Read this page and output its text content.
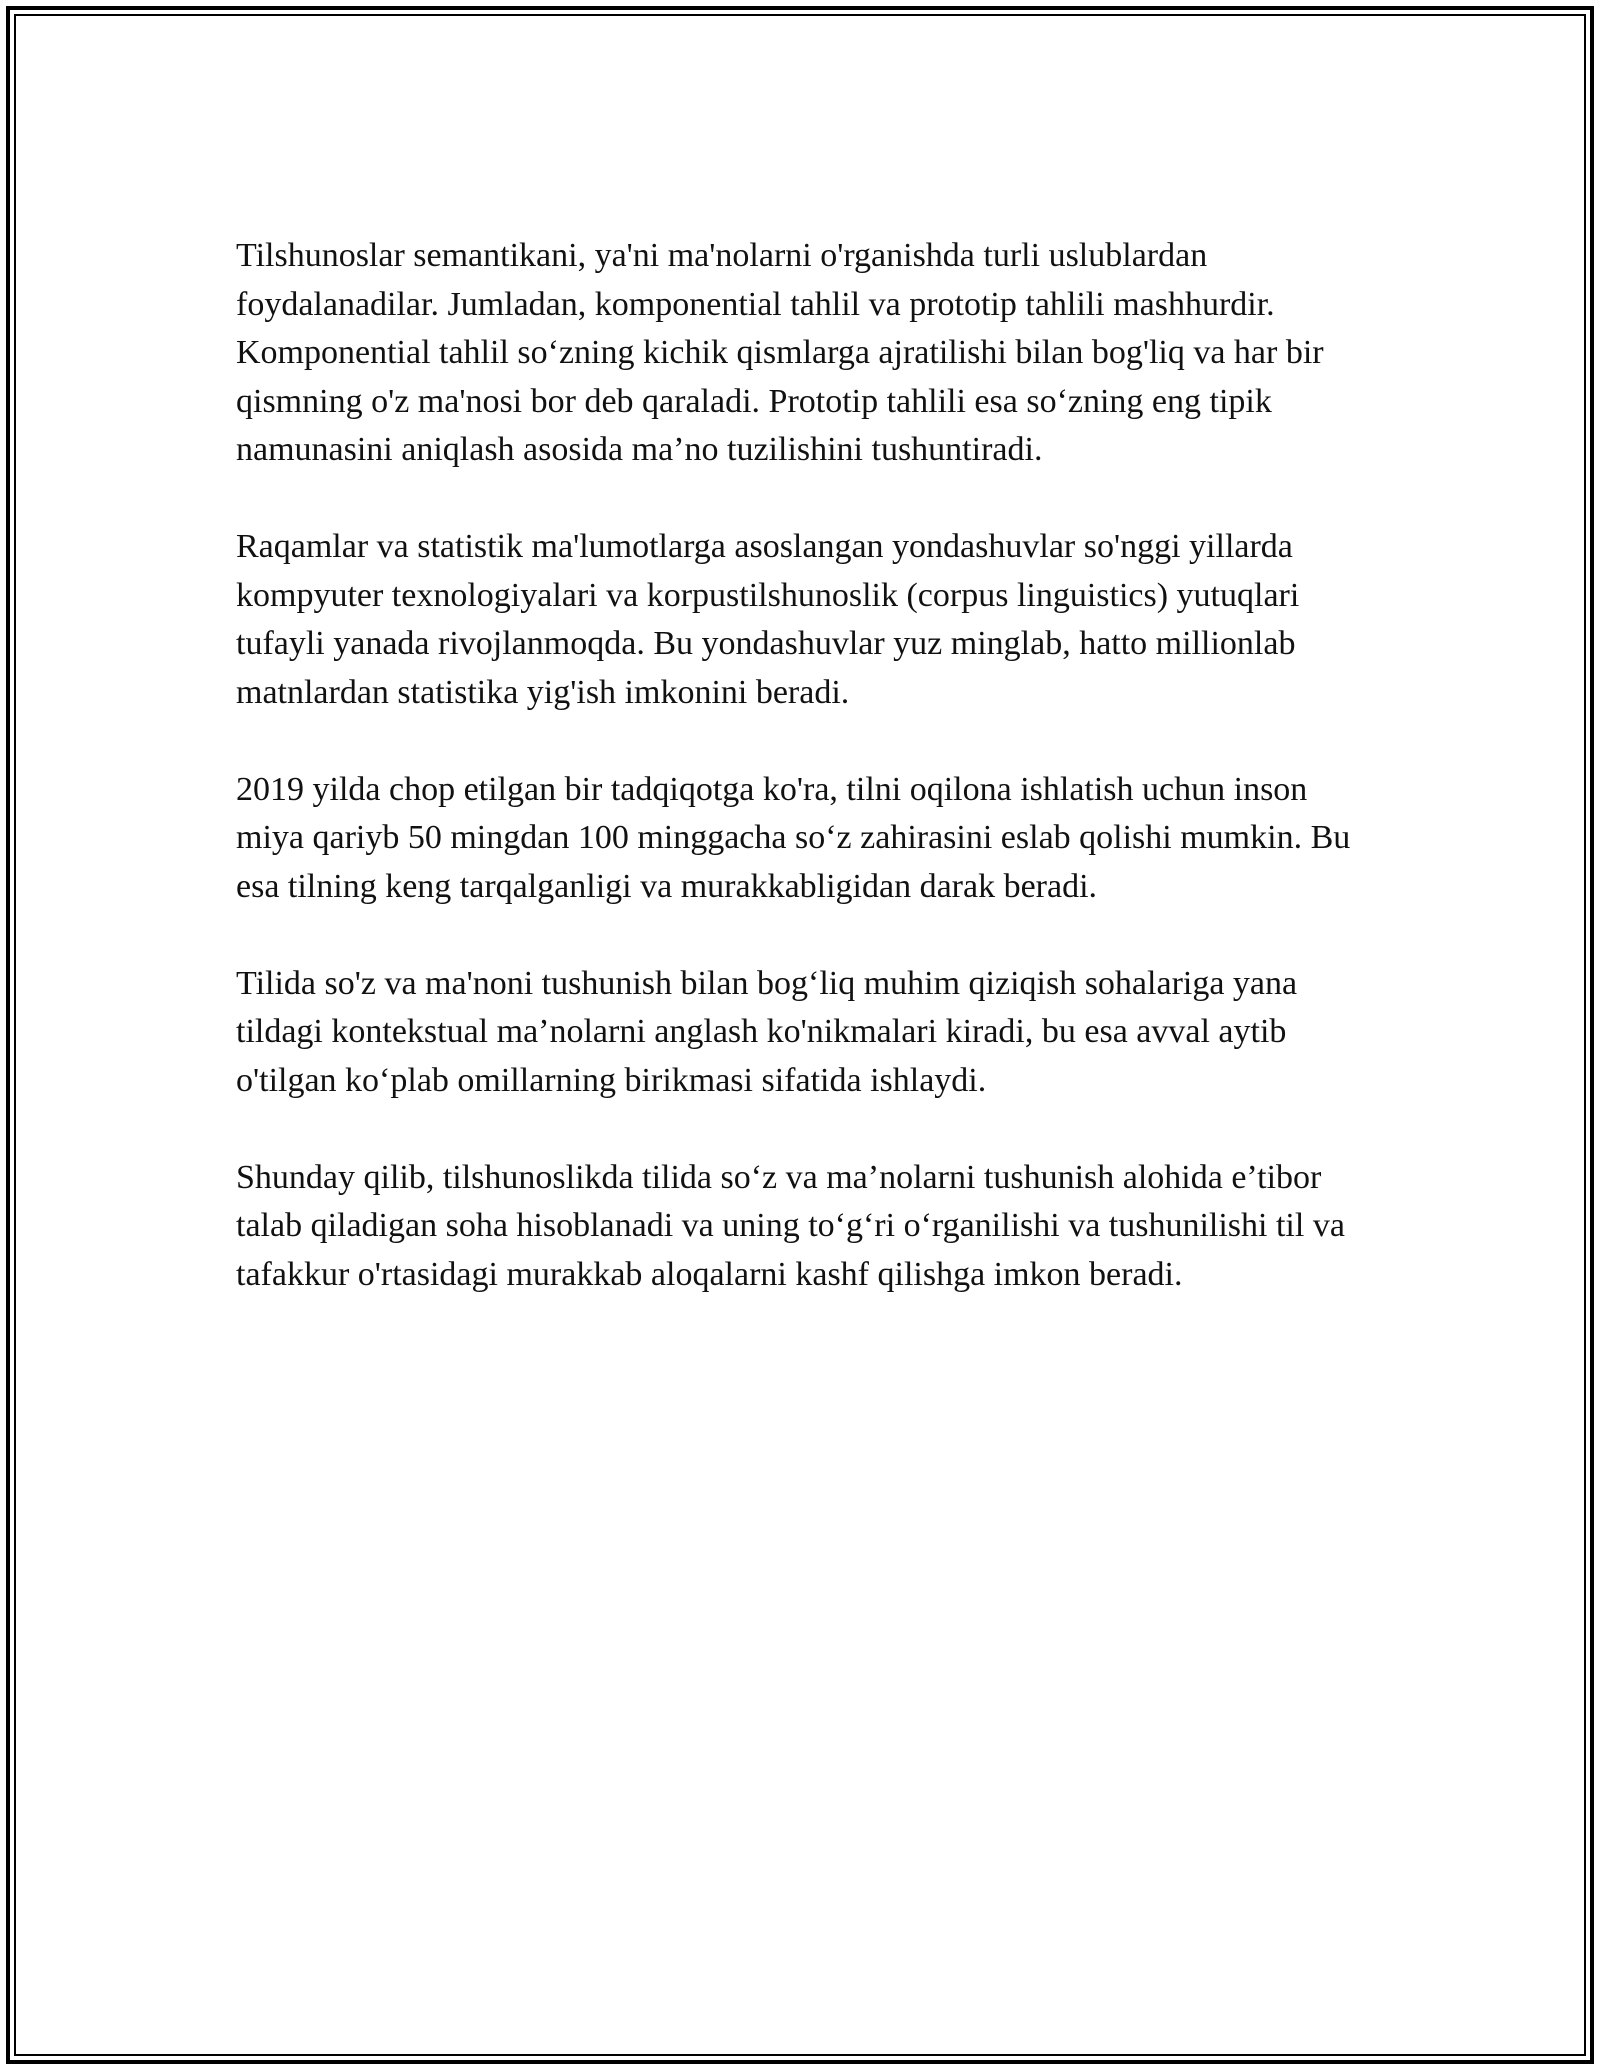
Tilshunoslar semantikani, ya'ni ma'nolarni o'rganishda turli uslublardan foydalanadilar. Jumladan, komponential tahlil va prototip tahlili mashhurdir. Komponential tahlil so‘zning kichik qismlarga ajratilishi bilan bog'liq va har bir qismning o'z ma'nosi bor deb qaraladi. Prototip tahlili esa so‘zning eng tipik namunasini aniqlash asosida ma’no tuzilishini tushuntiradi.

Raqamlar va statistik ma'lumotlarga asoslangan yondashuvlar so'nggi yillarda kompyuter texnologiyalari va korpustilshunoslik (corpus linguistics) yutuqlari tufayli yanada rivojlanmoqda. Bu yondashuvlar yuz minglab, hatto millionlab matnlardan statistika yig'ish imkonini beradi.

2019 yilda chop etilgan bir tadqiqotga ko'ra, tilni oqilona ishlatish uchun inson miya qariyb 50 mingdan 100 minggacha so‘z zahirasini eslab qolishi mumkin. Bu esa tilning keng tarqalganligi va murakkabligidan darak beradi.

Tilida so'z va ma'noni tushunish bilan bog‘liq muhim qiziqish sohalariga yana tildagi kontekstual ma’nolarni anglash ko'nikmalari kiradi, bu esa avval aytib o'tilgan ko‘plab omillarning birikmasi sifatida ishlaydi.

Shunday qilib, tilshunoslikda tilida so‘z va ma’nolarni tushunish alohida e’tibor talab qiladigan soha hisoblanadi va uning to‘g‘ri o‘rganilishi va tushunilishi til va tafakkur o'rtasidagi murakkab aloqalarni kashf qilishga imkon beradi.
